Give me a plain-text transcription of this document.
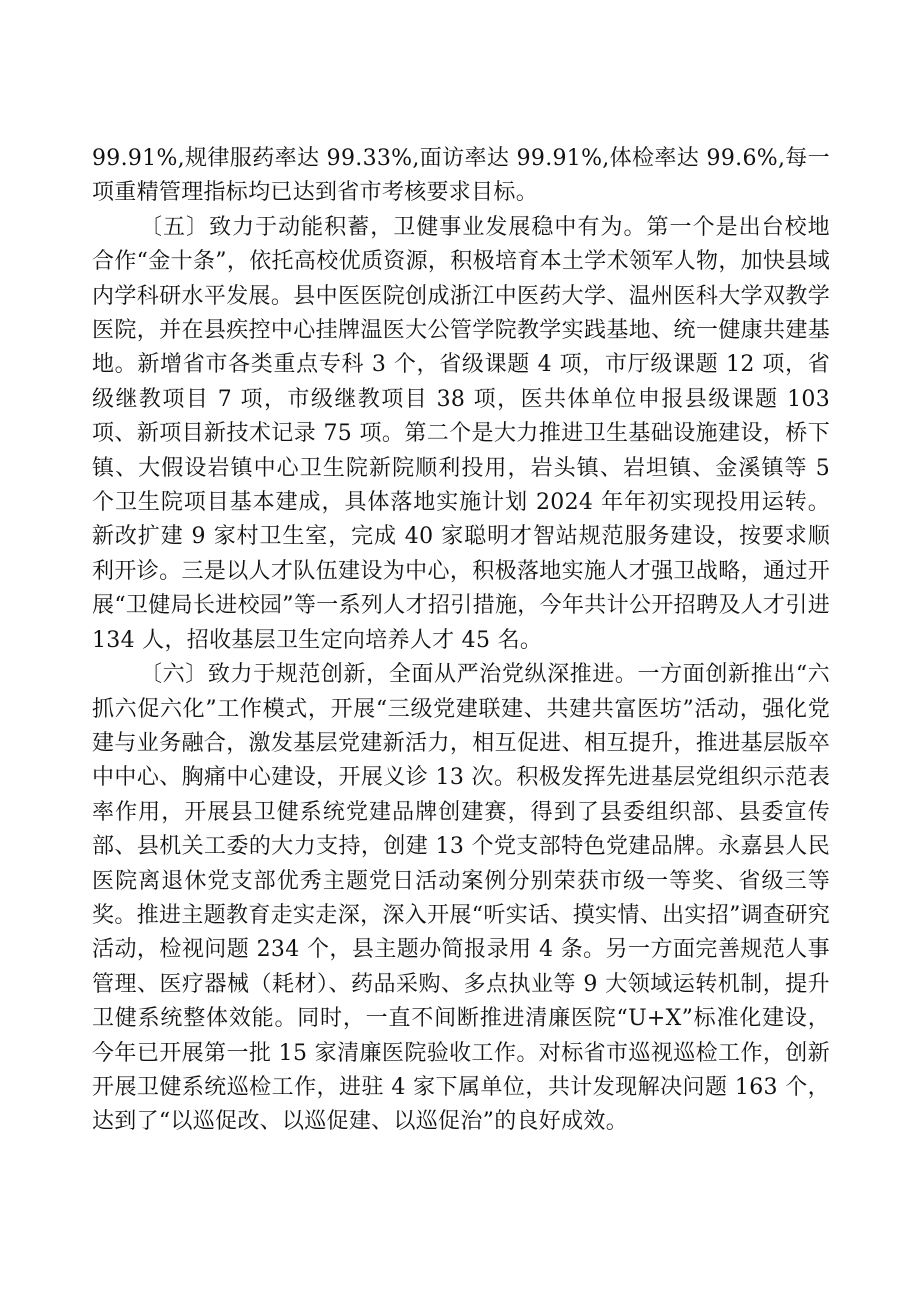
99.91%,规律服药率达 99.33%,面访率达 99.91%,体检率达 99.6%,每一项重精管理指标均已达到省市考核要求目标。

〔五〕致力于动能积蓄，卫健事业发展稳中有为。第一个是出台校地合作“金十条”，依托高校优质资源，积极培育本土学术领军人物，加快县域内学科研水平发展。县中医医院创成浙江中医药大学、温州医科大学双教学医院，并在县疾控中心挂牌温医大公管学院教学实践基地、统一健康共建基地。新增省市各类重点专科 3 个，省级课题 4 项，市厅级课题 12 项，省级继教项目 7 项，市级继教项目 38 项，医共体单位申报县级课题 103 项、新项目新技术记录 75 项。第二个是大力推进卫生基础设施建设，桥下镇、大假设岩镇中心卫生院新院顺利投用，岩头镇、岩坦镇、金溪镇等 5 个卫生院项目基本建成，具体落地实施计划 2024 年年初实现投用运转。新改扩建 9 家村卫生室，完成 40 家聪明才智站规范服务建设，按要求顺利开诊。三是以人才队伍建设为中心，积极落地实施人才强卫战略，通过开展“卫健局长进校园”等一系列人才招引措施，今年共计公开招聘及人才引进 134 人，招收基层卫生定向培养人才 45 名。

〔六〕致力于规范创新，全面从严治党纵深推进。一方面创新推出“六抓六促六化”工作模式，开展“三级党建联建、共建共富医坊”活动，强化党建与业务融合，激发基层党建新活力，相互促进、相互提升，推进基层版卒中中心、胸痛中心建设，开展义诊 13 次。积极发挥先进基层党组织示范表率作用，开展县卫健系统党建品牌创建赛，得到了县委组织部、县委宣传部、县机关工委的大力支持，创建 13 个党支部特色党建品牌。永嘉县人民医院离退休党支部优秀主题党日活动案例分别荣获市级一等奖、省级三等奖。推进主题教育走实走深，深入开展“听实话、摸实情、出实招”调查研究活动，检视问题 234 个，县主题办简报录用 4 条。另一方面完善规范人事管理、医疗器械（耗材）、药品采购、多点执业等 9 大领域运转机制，提升卫健系统整体效能。同时，一直不间断推进清廉医院“U+X”标准化建设，今年已开展第一批 15 家清廉医院验收工作。对标省市巡视巡检工作，创新开展卫健系统巡检工作，进驻 4 家下属单位，共计发现解决问题 163 个，达到了“以巡促改、以巡促建、以巡促治”的良好成效。
